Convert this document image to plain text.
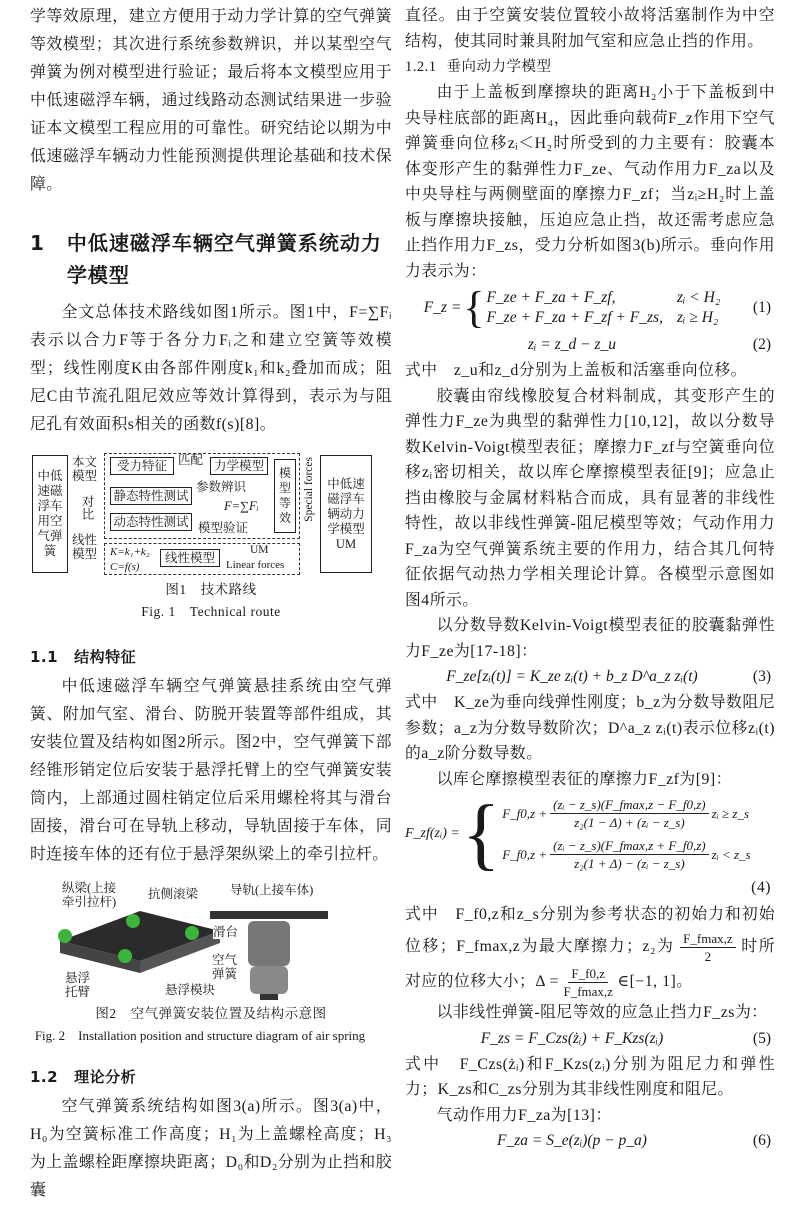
学等效原理，建立方便用于动力学计算的空气弹簧等效模型；其次进行系统参数辨识，并以某型空气弹簧为例对模型进行验证；最后将本文模型应用于中低速磁浮车辆，通过线路动态测试结果进一步验证本文模型工程应用的可靠性。研究结论以期为中低速磁浮车辆动力性能预测提供理论基础和技术保障。
1 中低速磁浮车辆空气弹簧系统动力学模型
全文总体技术路线如图1所示。图1中，F=∑Fᵢ表示以合力F等于各分力Fᵢ之和建立空簧等效模型；线性刚度K由各部件刚度k₁和k₂叠加而成；阻尼C由节流孔阻尼效应等效计算得到，表示为与阻尼孔有效面积s相关的函数f(s)[8]。
中低速磁浮车用空气弹簧
本文模型
对比
线性模型
受力特征 匹配 力学模型
静态特性测试
参数辨识
F=∑Fᵢ
动态特性测试 模型验证
模型等效	Special forces 中低速磁浮车辆动力学模型UM
K=k₁+k₂
C=f(s)
线性模型
UM
Linear forces
图1　技术路线
Fig. 1　Technical route
1.1 结构特征
中低速磁浮车辆空气弹簧悬挂系统由空气弹簧、附加气室、滑台、防脱开装置等部件组成，其安装位置及结构如图2所示。图2中，空气弹簧下部经锥形销定位后安装于悬浮托臂上的空气弹簧安装筒内，上部通过圆柱销定位后采用螺栓将其与滑台固接，滑台可在导轨上移动，导轨固接于车体，同时连接车体的还有位于悬浮架纵梁上的牵引拉杆。
纵梁(上接牵引拉杆)
抗侧滚梁	导轨(上接车体)
滑台
空气弹簧
悬浮托臂	悬浮模块
图2　空气弹簧安装位置及结构示意图
Fig. 2　Installation position and structure diagram of air spring
1.2 理论分析
空气弹簧系统结构如图3(a)所示。图3(a)中，H₀为空簧标准工作高度；H₁为上盖螺栓高度；H₃为上盖螺栓距摩擦块距离；D₀和D₂分别为止挡和胶囊
直径。由于空簧安装位置较小故将活塞制作为中空结构，使其同时兼具附加气室和应急止挡的作用。
1.2.1 垂向动力学模型
由于上盖板到摩擦块的距离H₂小于下盖板到中央导柱底部的距离H₄，因此垂向载荷F_z作用下空气弹簧垂向位移zᵢ＜H₂时所受到的力主要有：胶囊本体变形产生的黏弹性力F_ze、气动作用力F_za以及中央导柱与两侧壁面的摩擦力F_zf；当zᵢ≥H₂时上盖板与摩擦块接触，压迫应急止挡，故还需考虑应急止挡作用力F_zs，受力分析如图3(b)所示。垂向作用力表示为：
F_z = { F_ze + F_za + F_zf,	zᵢ < H₂
F_ze + F_za + F_zf + F_zs, zᵢ ≥ H₂
(1)
zᵢ = z_d − z_u	(2)
式中　z_u和z_d分别为上盖板和活塞垂向位移。
胶囊由帘线橡胶复合材料制成，其变形产生的弹性力F_ze为典型的黏弹性力[10,12]，故以分数导数Kelvin-Voigt模型表征；摩擦力F_zf与空簧垂向位移zᵢ密切相关，故以库仑摩擦模型表征[9]；应急止挡由橡胶与金属材料粘合而成，具有显著的非线性特性，故以非线性弹簧-阻尼模型等效；气动作用力F_za为空气弹簧系统主要的作用力，结合其几何特征依据气动热力学相关理论计算。各模型示意图如图4所示。
以分数导数Kelvin-Voigt模型表征的胶囊黏弹性力F_ze为[17-18]：
F_ze[zᵢ(t)] = K_ze zᵢ(t) + b_z D^a_z zᵢ(t)	(3)
式中　K_ze为垂向线弹性刚度；b_z为分数导数阻尼参数；a_z为分数导数阶次；D^a_z zᵢ(t)表示位移zᵢ(t)的a_z阶分数导数。
以库仑摩擦模型表征的摩擦力F_zf为[9]：
F_zf(zᵢ) = { F_f0,z + $\frac{\text{(zᵢ − z\_s)(F\_fmax,z − F\_f0,z)}}{\text{z₂(1 − Δ) + (zᵢ − z\_s)}}$ zᵢ ≥ z_s
F_f0,z + $\frac{\text{(zᵢ − z\_s)(F\_fmax,z + F\_f0,z)}}{\text{z₂(1 + Δ) − (zᵢ − z\_s)}}$ zᵢ < z_s
(4)
式中　F_f0,z和z_s分别为参考状态的初始力和初始位移；F_fmax,z为最大摩擦力；z₂为 $\frac{F\_fmax,z}{2}$ 时所对应的位移大小；$\Delta = \frac{F\_f0,z}{F\_fmax,z}$ ∈[−1, 1]。
以非线性弹簧-阻尼等效的应急止挡力F_zs为：
F_zs = F_Czs(żᵢ) + F_Kzs(zᵢ)	(5)
式中　F_Czs(żᵢ)和F_Kzs(zᵢ)分别为阻尼力和弹性力；K_zs和C_zs分别为其非线性刚度和阻尼。
气动作用力F_za为[13]：
F_za = S_e(zᵢ)(p − p_a)	(6)
